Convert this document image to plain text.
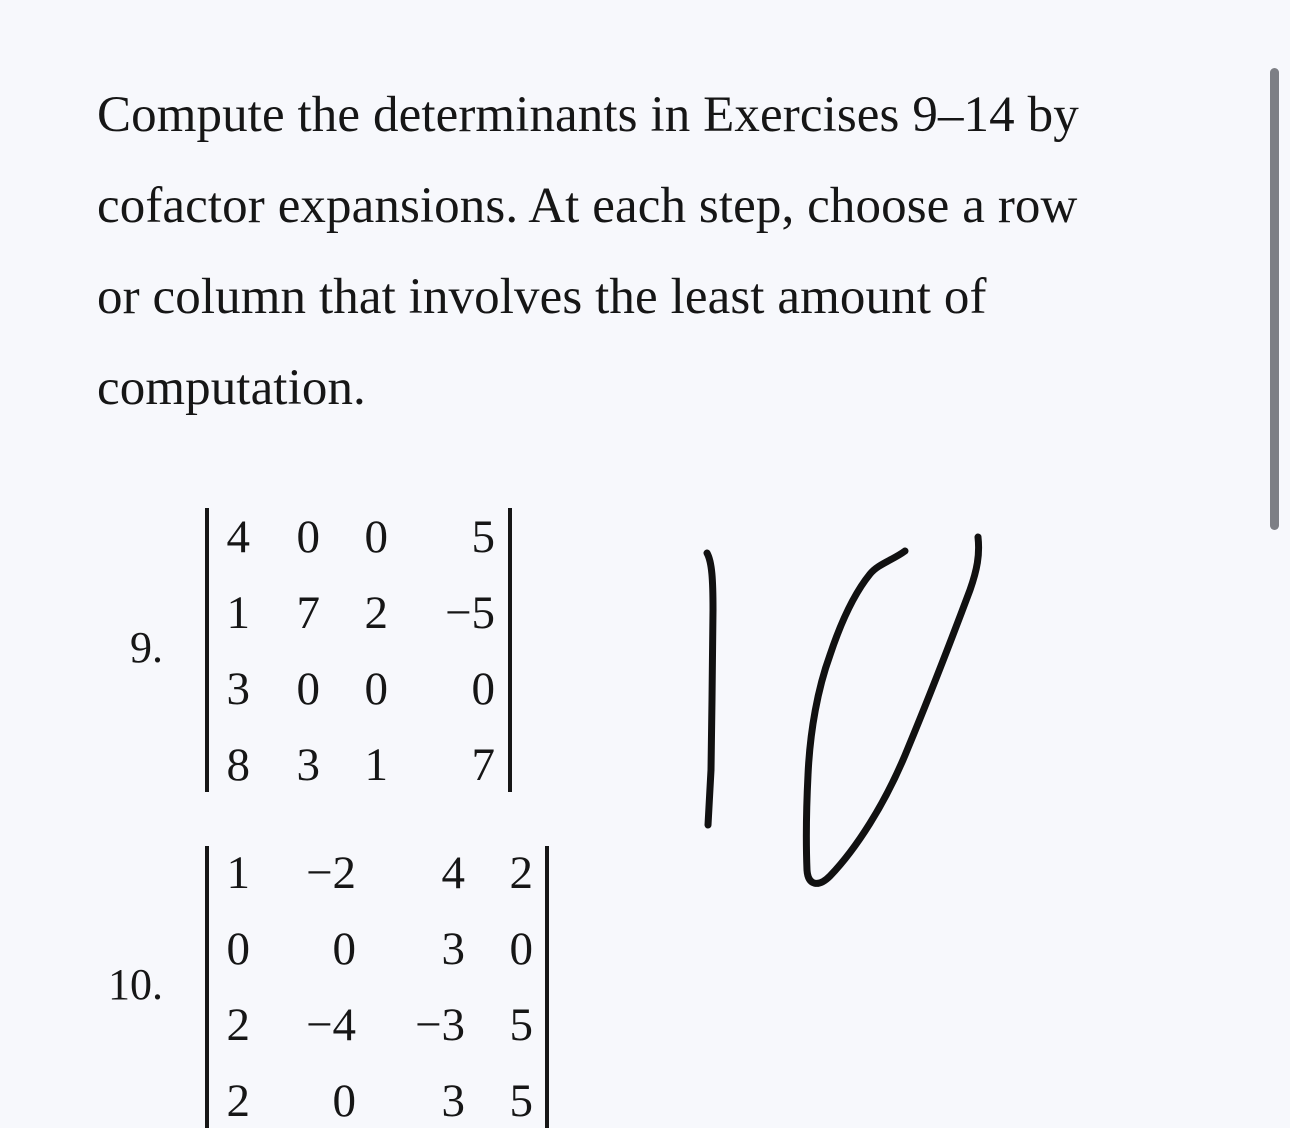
Compute the determinants in Exercises 9–14 by
cofactor expansions. At each step, choose a row
or column that involves the least amount of
computation.
9.
4 0 0	5
1 7 2	−5
3 0 0	0
8 3 1	7
10.
1	−2	4 2
0	0	3 0
2	−4	−3 5
2	0	3 5
